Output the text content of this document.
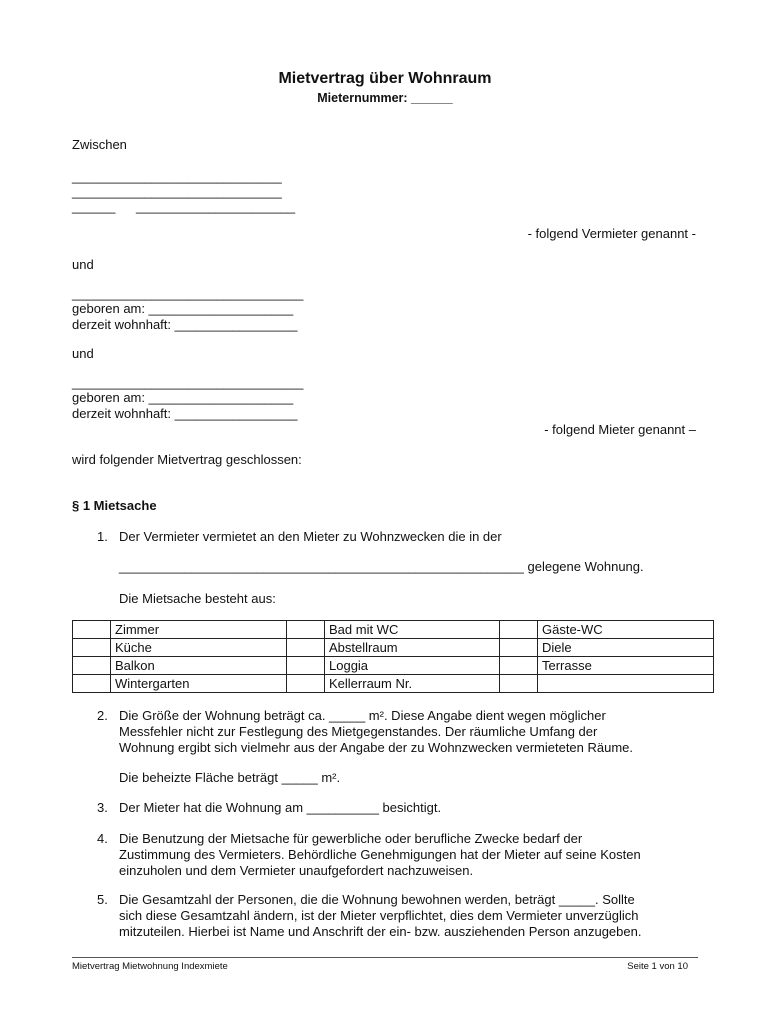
Mietvertrag über Wohnraum
Mieternummer: ______
Zwischen
_____________________________
_____________________________
______ ______________________
- folgend Vermieter genannt -
und
________________________________
geboren am: ____________________
derzeit wohnhaft: _________________
und
________________________________
geboren am: ____________________
derzeit wohnhaft: _________________
- folgend Mieter genannt –
wird folgender Mietvertrag geschlossen:
§ 1 Mietsache
1. Der Vermieter vermietet an den Mieter zu Wohnzwecken die in der
________________________________________________________ gelegene Wohnung.
Die Mietsache besteht aus:
	Zimmer		Bad mit WC		Gäste-WC
	Küche		Abstellraum		Diele
	Balkon		Loggia		Terrasse
	Wintergarten		Kellerraum Nr.		
2. Die Größe der Wohnung beträgt ca. _____ m². Diese Angabe dient wegen möglicher
Messfehler nicht zur Festlegung des Mietgegenstandes. Der räumliche Umfang der
Wohnung ergibt sich vielmehr aus der Angabe der zu Wohnzwecken vermieteten Räume.
Die beheizte Fläche beträgt _____ m².
3. Der Mieter hat die Wohnung am __________ besichtigt.
4. Die Benutzung der Mietsache für gewerbliche oder berufliche Zwecke bedarf der
Zustimmung des Vermieters. Behördliche Genehmigungen hat der Mieter auf seine Kosten
einzuholen und dem Vermieter unaufgefordert nachzuweisen.
5. Die Gesamtzahl der Personen, die die Wohnung bewohnen werden, beträgt _____. Sollte
sich diese Gesamtzahl ändern, ist der Mieter verpflichtet, dies dem Vermieter unverzüglich
mitzuteilen. Hierbei ist Name und Anschrift der ein- bzw. ausziehenden Person anzugeben.
Mietvertrag Mietwohnung Indexmiete	Seite 1 von 10
